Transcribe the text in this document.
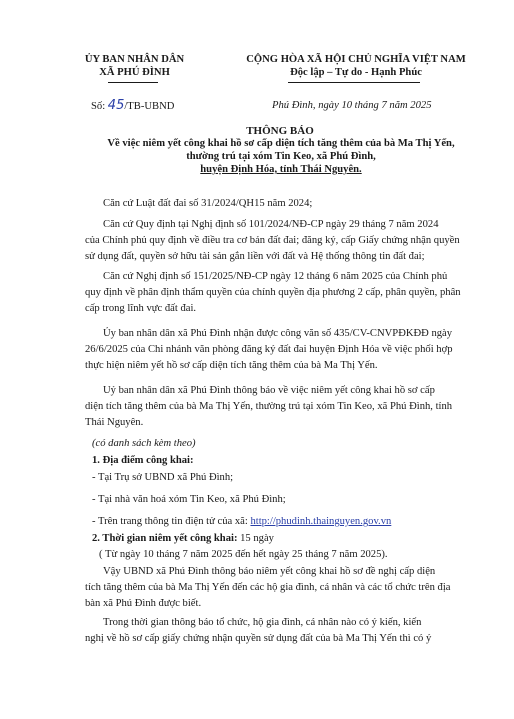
ỦY BAN NHÂN DÂN
XÃ PHÚ ĐÌNH
CỘNG HÒA XÃ HỘI CHỦ NGHĨA VIỆT NAM
Độc lập – Tự do - Hạnh Phúc
Số: 45/TB-UBND	Phú Đình, ngày 10 tháng 7 năm 2025
THÔNG BÁO
Về việc niêm yết công khai hồ sơ cấp diện tích tăng thêm của bà Ma Thị Yến,
thường trú tại xóm Tin Keo, xã Phú Đình,
huyện Định Hóa, tỉnh Thái Nguyên.
Căn cứ Luật đất đai số 31/2024/QH15 năm 2024;
Căn cứ Quy định tại Nghị định số 101/2024/NĐ-CP ngày 29 tháng 7 năm 2024
của Chính phủ quy định về điều tra cơ bản đất đai; đăng ký, cấp Giấy chứng nhận quyền
sử dụng đất, quyền sở hữu tài sản gắn liền với đất và Hệ thống thông tin đất đai;
Căn cứ Nghị định số 151/2025/NĐ-CP ngày 12 tháng 6 năm 2025 của Chính phủ
quy định về phân định thẩm quyền của chính quyền địa phương 2 cấp, phân quyền, phân
cấp trong lĩnh vực đất đai.
Ủy ban nhân dân xã Phú Đình nhận được công văn số 435/CV-CNVPĐKĐĐ ngày
26/6/2025 của Chi nhánh văn phòng đăng ký đất đai huyện Định Hóa về việc phối hợp
thực hiện niêm yết hồ sơ cấp diện tích tăng thêm của bà Ma Thị Yến.
Uỷ ban nhân dân xã Phú Đình thông báo về việc niêm yết công khai hồ sơ cấp
diện tích tăng thêm của bà Ma Thị Yến, thường trú tại xóm Tin Keo, xã Phú Đình, tỉnh
Thái Nguyên.
(có danh sách kèm theo)
1. Địa điểm công khai:
- Tại Trụ sở UBND xã Phú Đình;
- Tại nhà văn hoá xóm Tin Keo, xã Phú Đình;
- Trên trang thông tin điện tử của xã: http://phudinh.thainguyen.gov.vn
2. Thời gian niêm yết công khai: 15 ngày
( Từ ngày 10 tháng 7 năm 2025 đến hết ngày 25 tháng 7 năm 2025).
Vậy UBND xã Phú Đình thông báo niêm yết công khai hồ sơ đề nghị cấp diện
tích tăng thêm của bà Ma Thị Yến đến các hộ gia đình, cá nhân và các tổ chức trên địa
bàn xã Phú Đình được biết.
Trong thời gian thông báo tổ chức, hộ gia đình, cá nhân nào có ý kiến, kiến
nghị về hồ sơ cấp giấy chứng nhận quyền sử dụng đất của bà Ma Thị Yến thì có ý
